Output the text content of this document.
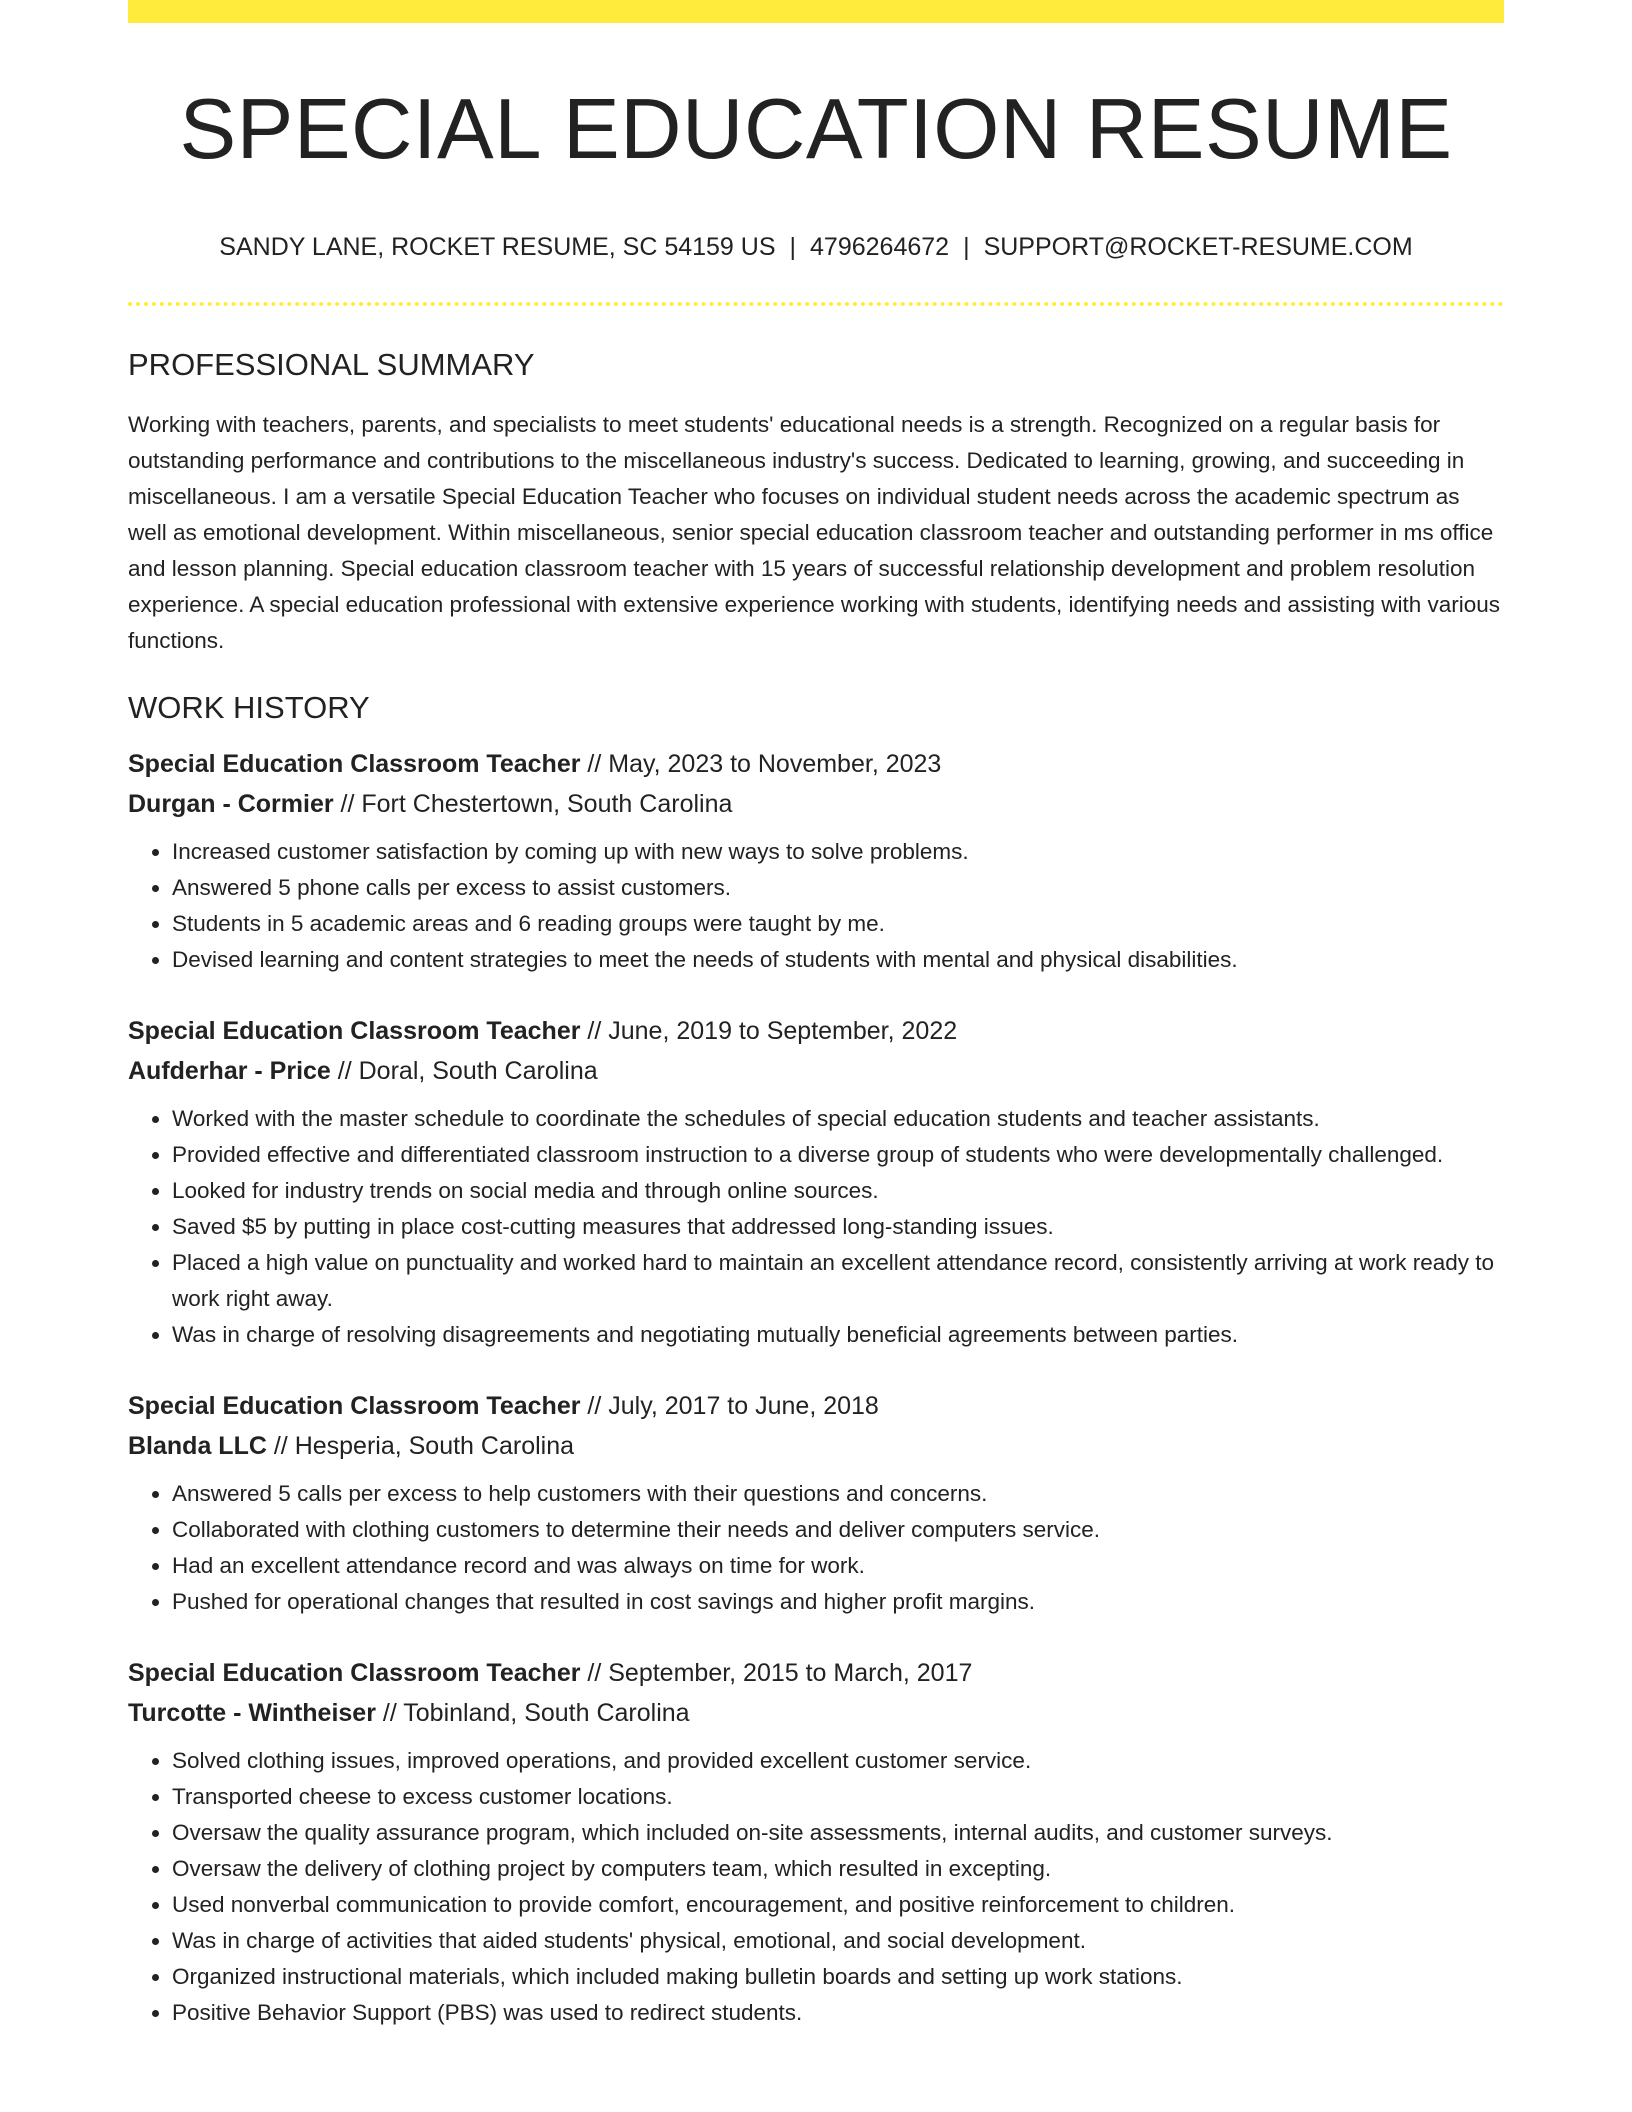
SPECIAL EDUCATION RESUME
SANDY LANE, ROCKET RESUME, SC 54159 US | 4796264672 | SUPPORT@ROCKET-RESUME.COM
PROFESSIONAL SUMMARY

Working with teachers, parents, and specialists to meet students' educational needs is a strength. Recognized on a regular basis for outstanding performance and contributions to the miscellaneous industry's success. Dedicated to learning, growing, and succeeding in miscellaneous. I am a versatile Special Education Teacher who focuses on individual student needs across the academic spectrum as well as emotional development. Within miscellaneous, senior special education classroom teacher and outstanding performer in ms office and lesson planning. Special education classroom teacher with 15 years of successful relationship development and problem resolution experience. A special education professional with extensive experience working with students, identifying needs and assisting with various functions.

WORK HISTORY
Special Education Classroom Teacher // May, 2023 to November, 2023
Durgan - Cormier // Fort Chestertown, South Carolina
• Increased customer satisfaction by coming up with new ways to solve problems.
• Answered 5 phone calls per excess to assist customers.
• Students in 5 academic areas and 6 reading groups were taught by me.
• Devised learning and content strategies to meet the needs of students with mental and physical disabilities.
Special Education Classroom Teacher // June, 2019 to September, 2022
Aufderhar - Price // Doral, South Carolina
• Worked with the master schedule to coordinate the schedules of special education students and teacher assistants.
• Provided effective and differentiated classroom instruction to a diverse group of students who were developmentally challenged.
• Looked for industry trends on social media and through online sources.
• Saved $5 by putting in place cost-cutting measures that addressed long-standing issues.
• Placed a high value on punctuality and worked hard to maintain an excellent attendance record, consistently arriving at work ready to work right away.
• Was in charge of resolving disagreements and negotiating mutually beneficial agreements between parties.
Special Education Classroom Teacher // July, 2017 to June, 2018
Blanda LLC // Hesperia, South Carolina
• Answered 5 calls per excess to help customers with their questions and concerns.
• Collaborated with clothing customers to determine their needs and deliver computers service.
• Had an excellent attendance record and was always on time for work.
• Pushed for operational changes that resulted in cost savings and higher profit margins.
Special Education Classroom Teacher // September, 2015 to March, 2017
Turcotte - Wintheiser // Tobinland, South Carolina
• Solved clothing issues, improved operations, and provided excellent customer service.
• Transported cheese to excess customer locations.
• Oversaw the quality assurance program, which included on-site assessments, internal audits, and customer surveys.
• Oversaw the delivery of clothing project by computers team, which resulted in excepting.
• Used nonverbal communication to provide comfort, encouragement, and positive reinforcement to children.
• Was in charge of activities that aided students' physical, emotional, and social development.
• Organized instructional materials, which included making bulletin boards and setting up work stations.
• Positive Behavior Support (PBS) was used to redirect students.
